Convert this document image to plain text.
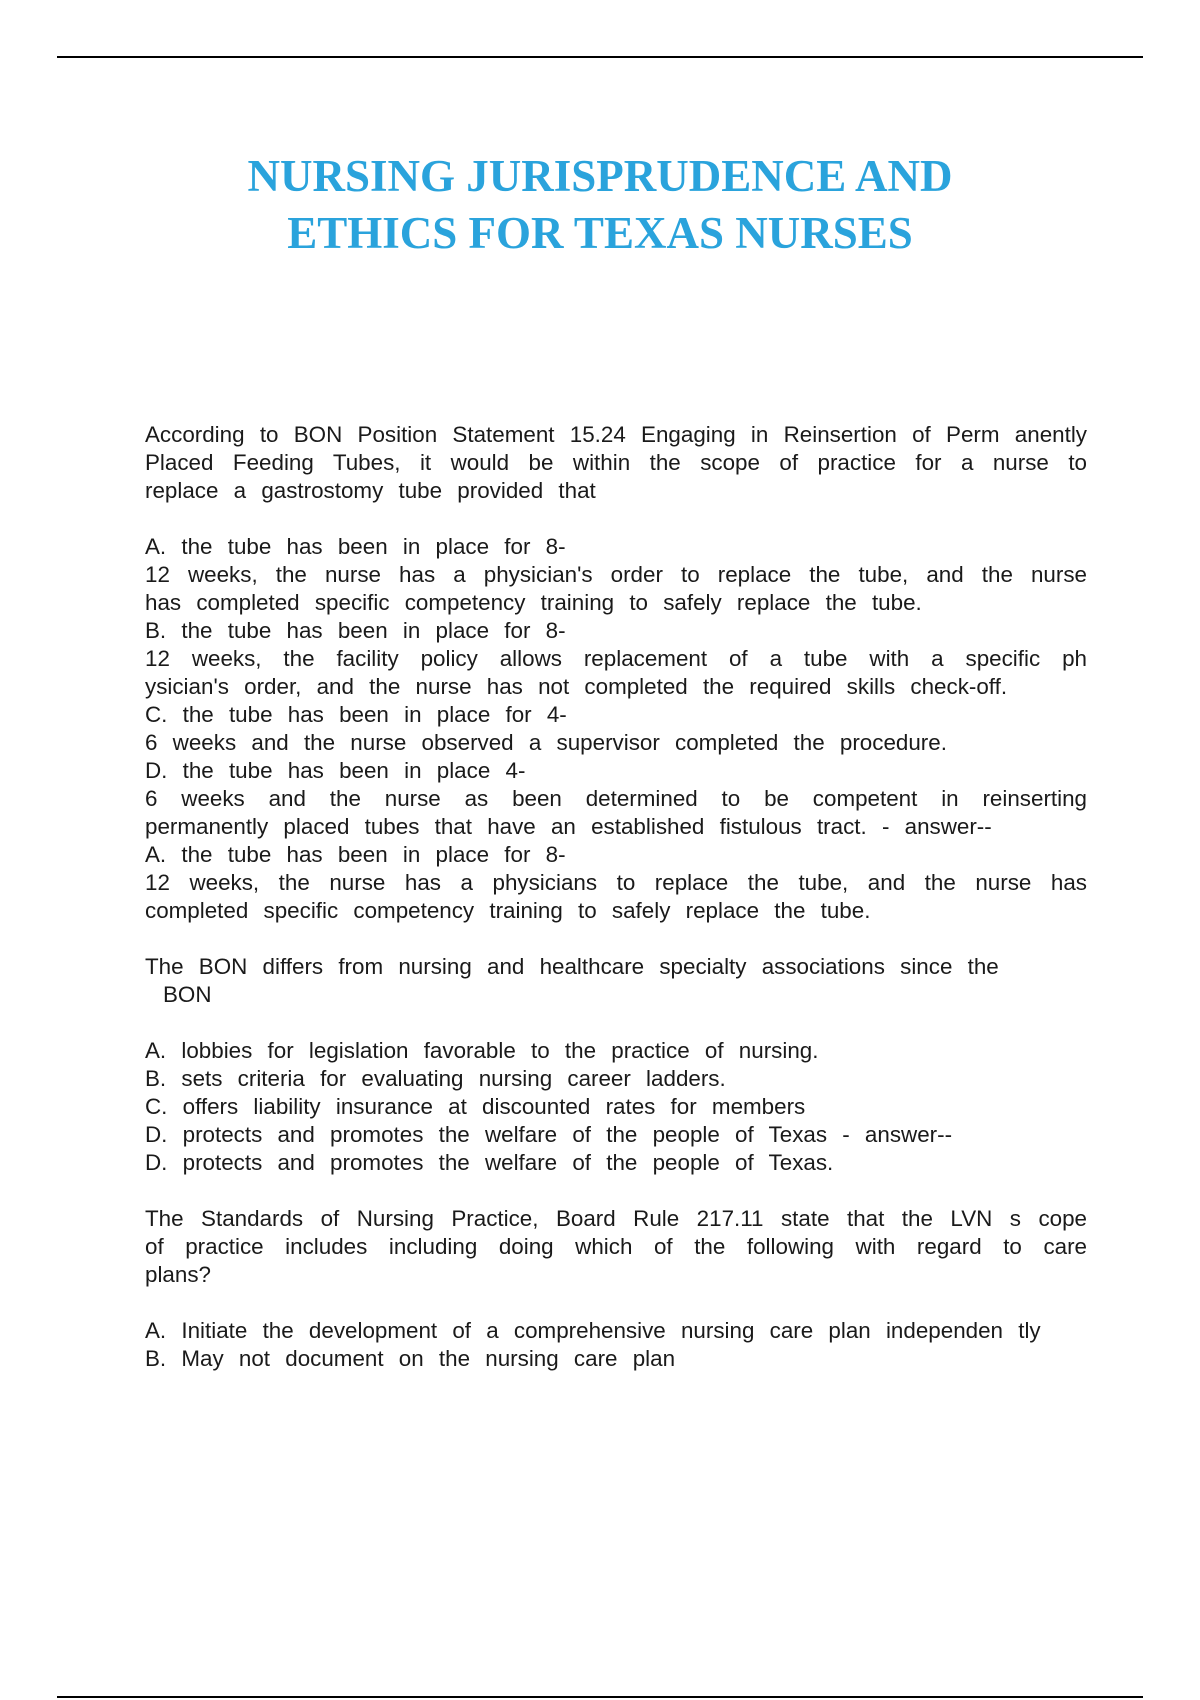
NURSING JURISPRUDENCE AND
ETHICS FOR TEXAS NURSES

According to BON Position Statement 15.24 Engaging in Reinsertion of Perm anently Placed Feeding Tubes, it would be within the scope of practice for a nurse to replace a gastrostomy tube provided that

A. the tube has been in place for 8-

12 weeks, the nurse has a physician's order to replace the tube, and the nurse has completed specific competency training to safely replace the tube.

B. the tube has been in place for 8-

12 weeks, the facility policy allows replacement of a tube with a specific ph ysician's order, and the nurse has not completed the required skills check-off.

C. the tube has been in place for 4-

6 weeks and the nurse observed a supervisor completed the procedure.

D. the tube has been in place 4-

6 weeks and the nurse as been determined to be competent in reinserting permanently placed tubes that have an established fistulous tract. - answer--

A. the tube has been in place for 8-

12 weeks, the nurse has a physicians to replace the tube, and the nurse has completed specific competency training to safely replace the tube.

The BON differs from nursing and healthcare specialty associations since the

BON

A. lobbies for legislation favorable to the practice of nursing.

B. sets criteria for evaluating nursing career ladders.

C. offers liability insurance at discounted rates for members

D. protects and promotes the welfare of the people of Texas - answer--

D. protects and promotes the welfare of the people of Texas.

The Standards of Nursing Practice, Board Rule 217.11 state that the LVN s cope of practice includes including doing which of the following with regard to care plans?

A. Initiate the development of a comprehensive nursing care plan independen tly

B. May not document on the nursing care plan
